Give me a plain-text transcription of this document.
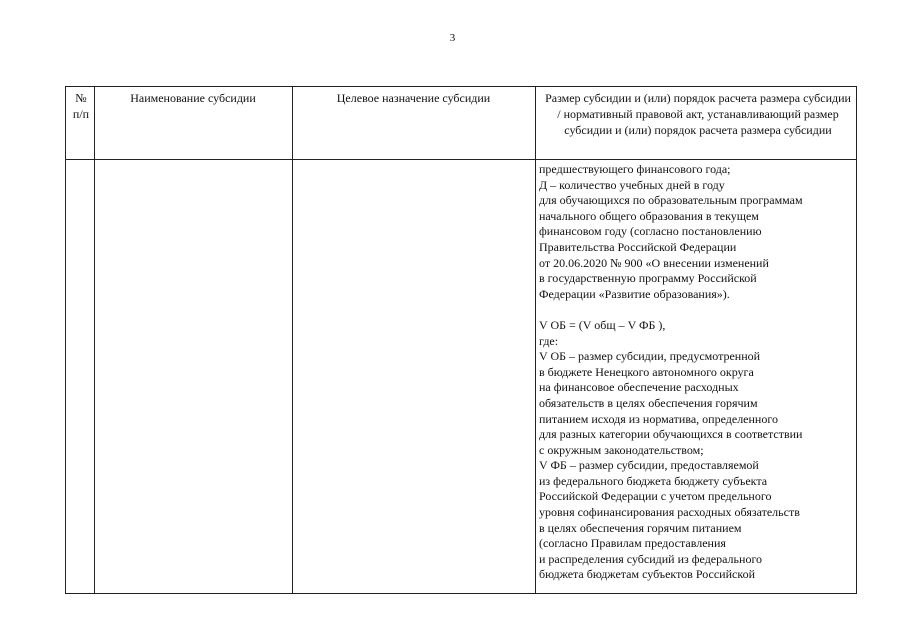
3
№ п/п
Наименование субсидии	Целевое назначение субсидии	Размер субсидии и (или) порядок расчета размера субсидии / нормативный правовой акт, устанавливающий размер субсидии и (или) порядок расчета размера субсидии
предшествующего финансового года;
Д – количество учебных дней в году
для обучающихся по образовательным программам
начального общего образования в текущем
финансовом году (согласно постановлению
Правительства Российской Федерации
от 20.06.2020 № 900 «О внесении изменений
в государственную программу Российской
Федерации «Развитие образования»).
V ОБ = (V общ – V ФБ ),
где:
V ОБ – размер субсидии, предусмотренной
в бюджете Ненецкого автономного округа
на финансовое обеспечение расходных
обязательств в целях обеспечения горячим
питанием исходя из норматива, определенного
для разных категории обучающихся в соответствии
с окружным законодательством;
V ФБ – размер субсидии, предоставляемой
из федерального бюджета бюджету субъекта
Российской Федерации с учетом предельного
уровня софинансирования расходных обязательств
в целях обеспечения горячим питанием
(согласно Правилам предоставления
и распределения субсидий из федерального
бюджета бюджетам субъектов Российской
